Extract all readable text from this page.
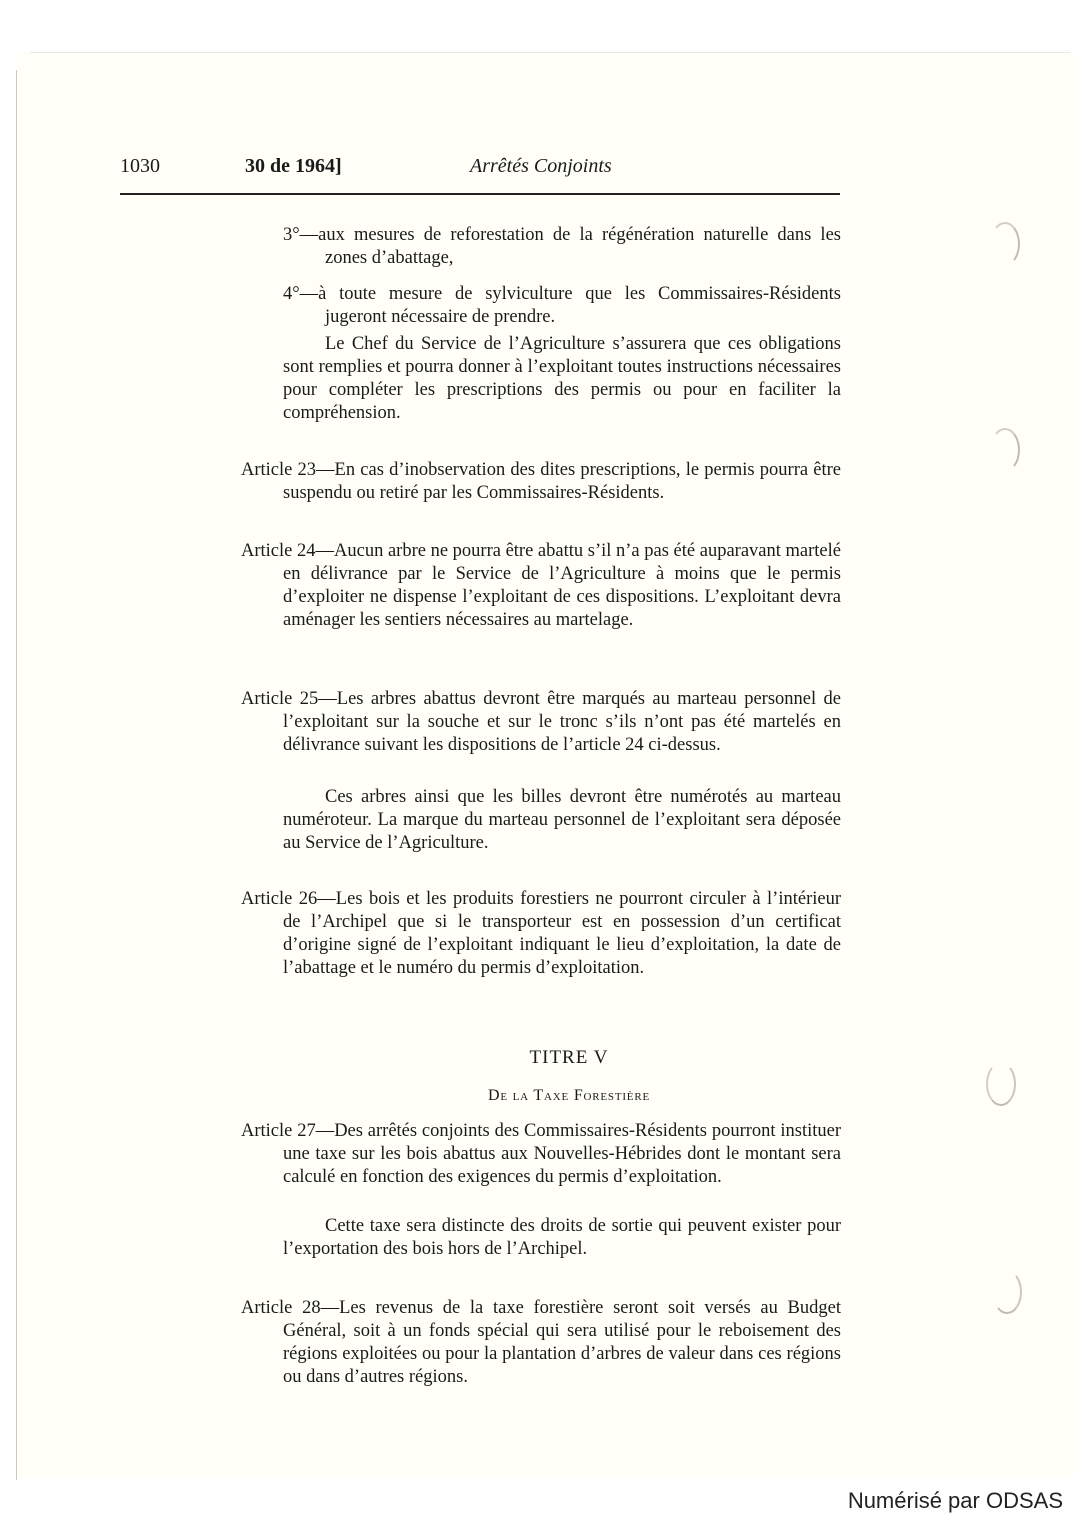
1030	30 de 1964]	Arrêtés Conjoints
3°—aux mesures de reforestation de la régénération naturelle dans les zones d’abattage,
4°—à toute mesure de sylviculture que les Commissaires-Résidents jugeront nécessaire de prendre.
Le Chef du Service de l’Agriculture s’assurera que ces obligations sont remplies et pourra donner à l’exploitant toutes instructions nécessaires pour compléter les prescriptions des permis ou pour en faciliter la compréhension.
Article 23—En cas d’inobservation des dites prescriptions, le permis pourra être suspendu ou retiré par les Commissaires-Résidents.
Article 24—Aucun arbre ne pourra être abattu s’il n’a pas été auparavant martelé en délivrance par le Service de l’Agriculture à moins que le permis d’exploiter ne dispense l’exploitant de ces dispositions. L’exploitant devra aménager les sentiers nécessaires au martelage.
Article 25—Les arbres abattus devront être marqués au marteau personnel de l’exploitant sur la souche et sur le tronc s’ils n’ont pas été martelés en délivrance suivant les dispositions de l’article 24 ci-dessus.
Ces arbres ainsi que les billes devront être numérotés au marteau numéroteur. La marque du marteau personnel de l’exploitant sera déposée au Service de l’Agriculture.
Article 26—Les bois et les produits forestiers ne pourront circuler à l’intérieur de l’Archipel que si le transporteur est en possession d’un certificat d’origine signé de l’exploitant indiquant le lieu d’exploitation, la date de l’abattage et le numéro du permis d’exploitation.
TITRE V
De la Taxe Forestière
Article 27—Des arrêtés conjoints des Commissaires-Résidents pourront instituer une taxe sur les bois abattus aux Nouvelles-Hébrides dont le montant sera calculé en fonction des exigences du permis d’exploitation.
Cette taxe sera distincte des droits de sortie qui peuvent exister pour l’exportation des bois hors de l’Archipel.
Article 28—Les revenus de la taxe forestière seront soit versés au Budget Général, soit à un fonds spécial qui sera utilisé pour le reboisement des régions exploitées ou pour la plantation d’arbres de valeur dans ces régions ou dans d’autres régions.
Numérisé par ODSAS
